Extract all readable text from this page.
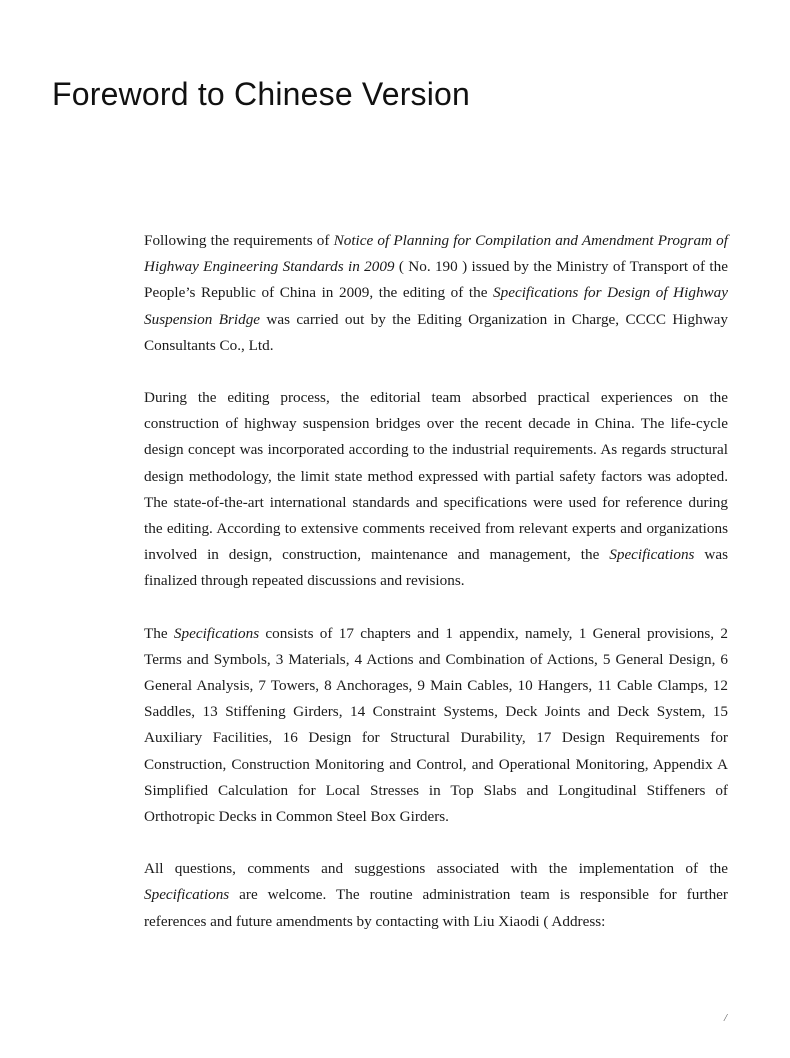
Foreword to Chinese Version

Following the requirements of Notice of Planning for Compilation and Amendment Program of Highway Engineering Standards in 2009 ( No. 190 ) issued by the Ministry of Transport of the People’s Republic of China in 2009, the editing of the Specifications for Design of Highway Suspension Bridge was carried out by the Editing Organization in Charge, CCCC Highway Consultants Co., Ltd.

During the editing process, the editorial team absorbed practical experiences on the construction of highway suspension bridges over the recent decade in China. The life-cycle design concept was incorporated according to the industrial requirements. As regards structural design methodology, the limit state method expressed with partial safety factors was adopted. The state-of-the-art international standards and specifications were used for reference during the editing. According to extensive comments received from relevant experts and organizations involved in design, construction, maintenance and management, the Specifications was finalized through repeated discussions and revisions.

The Specifications consists of 17 chapters and 1 appendix, namely, 1 General provisions, 2 Terms and Symbols, 3 Materials, 4 Actions and Combination of Actions, 5 General Design, 6 General Analysis, 7 Towers, 8 Anchorages, 9 Main Cables, 10 Hangers, 11 Cable Clamps, 12 Saddles, 13 Stiffening Girders, 14 Constraint Systems, Deck Joints and Deck System, 15 Auxiliary Facilities, 16 Design for Structural Durability, 17 Design Requirements for Construction, Construction Monitoring and Control, and Operational Monitoring, Appendix A Simplified Calculation for Local Stresses in Top Slabs and Longitudinal Stiffeners of Orthotropic Decks in Common Steel Box Girders.

All questions, comments and suggestions associated with the implementation of the Specifications are welcome. The routine administration team is responsible for further references and future amendments by contacting with Liu Xiaodi ( Address:

/
